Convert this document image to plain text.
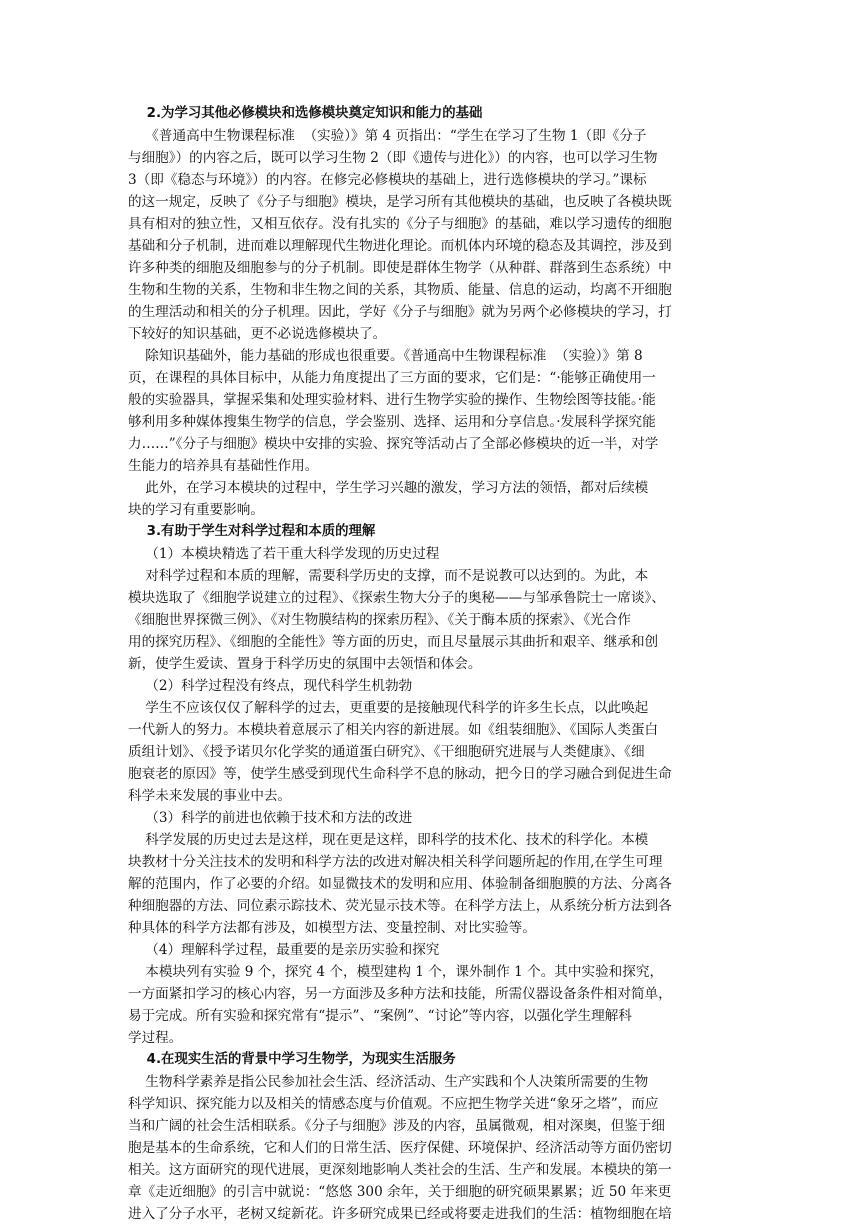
2.为学习其他必修模块和选修模块奠定知识和能力的基础
《普通高中生物课程标准  （实验）》第 4 页指出：“学生在学习了生物 1（即《分子
与细胞》）的内容之后，既可以学习生物 2（即《遗传与进化》）的内容，也可以学习生物
3（即《稳态与环境》）的内容。在修完必修模块的基础上，进行选修模块的学习。”课标
的这一规定，反映了《分子与细胞》模块，是学习所有其他模块的基础，也反映了各模块既
具有相对的独立性，又相互依存。没有扎实的《分子与细胞》的基础，难以学习遗传的细胞
基础和分子机制，进而难以理解现代生物进化理论。而机体内环境的稳态及其调控，涉及到
许多种类的细胞及细胞参与的分子机制。即使是群体生物学（从种群、群落到生态系统）中
生物和生物的关系，生物和非生物之间的关系，其物质、能量、信息的运动，均离不开细胞
的生理活动和相关的分子机理。因此，学好《分子与细胞》就为另两个必修模块的学习，打
下较好的知识基础，更不必说选修模块了。
除知识基础外，能力基础的形成也很重要。《普通高中生物课程标准  （实验）》第 8
页，在课程的具体目标中，从能力角度提出了三方面的要求，它们是：“·能够正确使用一
般的实验器具，掌握采集和处理实验材料、进行生物学实验的操作、生物绘图等技能。·能
够利用多种媒体搜集生物学的信息，学会鉴别、选择、运用和分享信息。·发展科学探究能
力……”《分子与细胞》模块中安排的实验、探究等活动占了全部必修模块的近一半，对学
生能力的培养具有基础性作用。
此外，在学习本模块的过程中，学生学习兴趣的激发，学习方法的领悟，都对后续模
块的学习有重要影响。
3.有助于学生对科学过程和本质的理解
（1）本模块精选了若干重大科学发现的历史过程
对科学过程和本质的理解，需要科学历史的支撑，而不是说教可以达到的。为此，本
模块选取了《细胞学说建立的过程》、《探索生物大分子的奥秘——与邹承鲁院士一席谈》、
《细胞世界探微三例》、《对生物膜结构的探索历程》、《关于酶本质的探索》、《光合作
用的探究历程》、《细胞的全能性》等方面的历史，而且尽量展示其曲折和艰辛、继承和创
新，使学生爱读、置身于科学历史的氛围中去领悟和体会。
（2）科学过程没有终点，现代科学生机勃勃
学生不应该仅仅了解科学的过去，更重要的是接触现代科学的许多生长点，以此唤起
一代新人的努力。本模块着意展示了相关内容的新进展。如《组装细胞》、《国际人类蛋白
质组计划》、《授予诺贝尔化学奖的通道蛋白研究》、《干细胞研究进展与人类健康》、《细
胞衰老的原因》等，使学生感受到现代生命科学不息的脉动，把今日的学习融合到促进生命
科学未来发展的事业中去。
（3）科学的前进也依赖于技术和方法的改进
科学发展的历史过去是这样，现在更是这样，即科学的技术化、技术的科学化。本模
块教材十分关注技术的发明和科学方法的改进对解决相关科学问题所起的作用,在学生可理
解的范围内，作了必要的介绍。如显微技术的发明和应用、体验制备细胞膜的方法、分离各
种细胞器的方法、同位素示踪技术、荧光显示技术等。在科学方法上，从系统分析方法到各
种具体的科学方法都有涉及，如模型方法、变量控制、对比实验等。
（4）理解科学过程，最重要的是亲历实验和探究
本模块列有实验 9 个，探究 4 个，模型建构 1 个，课外制作 1 个。其中实验和探究，
一方面紧扣学习的核心内容，另一方面涉及多种方法和技能，所需仪器设备条件相对简单，
易于完成。所有实验和探究常有“提示”、“案例”、“讨论”等内容，以强化学生理解科
学过程。
4.在现实生活的背景中学习生物学，为现实生活服务
生物科学素养是指公民参加社会生活、经济活动、生产实践和个人决策所需要的生物
科学知识、探究能力以及相关的情感态度与价值观。不应把生物学关进“象牙之塔”，而应
当和广阔的社会生活相联系。《分子与细胞》涉及的内容，虽属微观，相对深奥，但鉴于细
胞是基本的生命系统，它和人们的日常生活、医疗保健、环境保护、经济活动等方面仍密切
相关。这方面研究的现代进展，更深刻地影响人类社会的生活、生产和发展。本模块的第一
章《走近细胞》的引言中就说：“悠悠 300 余年，关于细胞的研究硕果累累；近 50 年来更
进入了分子水平，老树又绽新花。许多研究成果已经或将要走进我们的生活：植物细胞在培
